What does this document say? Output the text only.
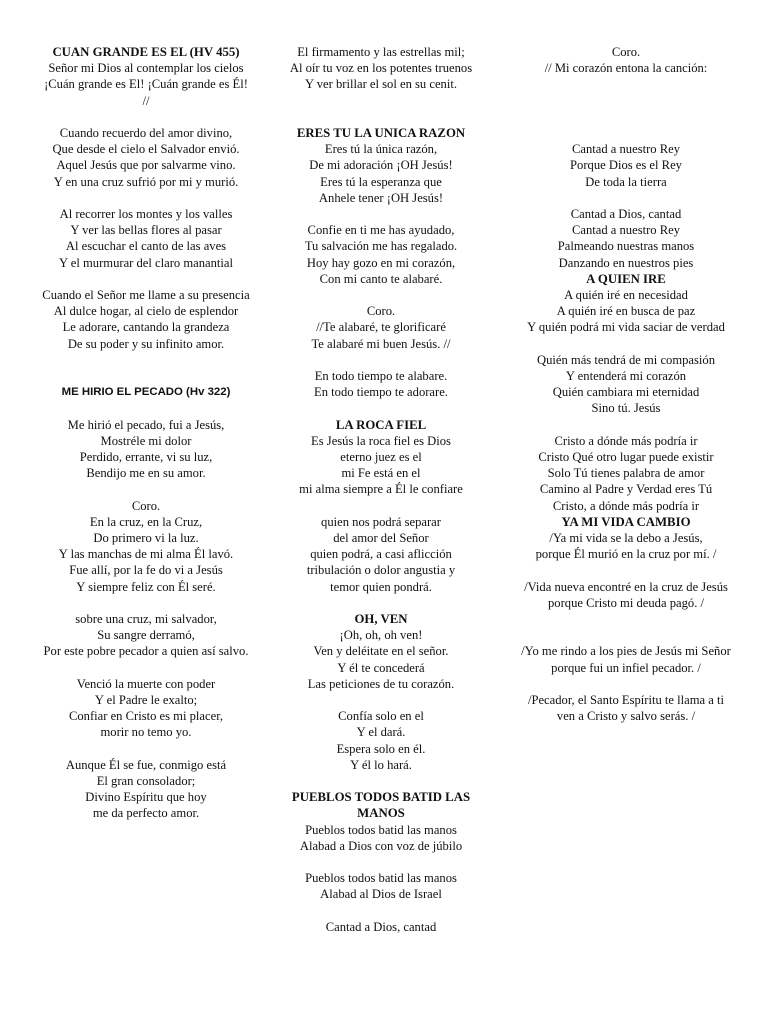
CUAN GRANDE ES EL (HV 455)
Señor mi Dios al contemplar los cielos
¡Cuán grande es El! ¡Cuán grande es Él! //
Cuando recuerdo del amor divino,
Que desde el cielo el Salvador envió.
Aquel Jesús que por salvarme vino.
Y en una cruz sufrió por mi y murió.
Al recorrer los montes y los valles
Y ver las bellas flores al pasar
Al escuchar el canto de las aves
Y el murmurar del claro manantial
Cuando el Señor me llame a su presencia
Al dulce hogar, al cielo de esplendor
Le adorare, cantando la grandeza
De su poder y su infinito amor.
ME HIRIO EL PECADO (Hv 322)
Me hirió el pecado, fui a Jesús,
Mostréle mi dolor
Perdido, errante, vi su luz,
Bendijo me en su amor.
Coro.
En la cruz, en la Cruz,
Do primero vi la luz.
Y las manchas de mi alma Él lavó.
Fue allí, por la fe do vi a Jesús
Y siempre feliz con Él seré.
sobre una cruz, mi salvador,
Su sangre derramó,
Por este pobre pecador a quien así salvo.
Venció la muerte con poder
Y el Padre le exalto;
Confiar en Cristo es mi placer,
morir no temo yo.
Aunque Él se fue, conmigo está
El gran consolador;
Divino Espíritu que hoy
me da perfecto amor.
El firmamento y las estrellas mil;
Al oír tu voz en los potentes truenos
Y ver brillar el sol en su cenit.
ERES TU LA UNICA RAZON
Eres tú la única razón,
De mi adoración ¡OH Jesús!
Eres tú la esperanza que
Anhele tener ¡OH Jesús!
Confie en ti me has ayudado,
Tu salvación me has regalado.
Hoy hay gozo en mi corazón,
Con mi canto te alabaré.
Coro.
//Te alabaré, te glorificaré
Te alabaré mi buen Jesús. //
En todo tiempo te alabare.
En todo tiempo te adorare.
LA ROCA FIEL
Es Jesús la roca fiel es Dios
eterno juez es el
mi Fe está en el
mi alma siempre a Él le confiare
quien nos podrá separar
del amor del Señor
quien podrá, a casi aflicción
tribulación o dolor angustia y
temor quien pondrá.
OH, VEN
¡Oh, oh, oh ven!
Ven y deléitate en el señor.
Y él te concederá
Las peticiones de tu corazón.
Confía solo en el
Y el dará.
Espera solo en él.
Y él lo hará.
PUEBLOS TODOS BATID LAS MANOS
Pueblos todos batid las manos
Alabad a Dios con voz de júbilo
Pueblos todos batid las manos
Alabad al Dios de Israel
Cantad a Dios, cantad
Coro.
// Mi corazón entona la canción:
Cantad a nuestro Rey
Porque Dios es el Rey
De toda la tierra
Cantad a Dios, cantad
Cantad a nuestro Rey
Palmeando nuestras manos
Danzando en nuestros pies
A QUIEN IRE
A quién iré en necesidad
A quién iré en busca de paz
Y quién podrá mi vida saciar de verdad
Quién más tendrá de mi compasión
Y entenderá mi corazón
Quién cambiara mi eternidad
Sino tú. Jesús
Cristo a dónde más podría ir
Cristo Qué otro lugar puede existir
Solo Tú tienes palabra de amor
Camino al Padre y Verdad eres Tú
Cristo, a dónde más podría ir
YA MI VIDA CAMBIO
/Ya mi vida se la debo a Jesús,
porque Él murió en la cruz por mí. /
/Vida nueva encontré en la cruz de Jesús
porque Cristo mi deuda pagó. /
/Yo me rindo a los pies de Jesús mi Señor
porque fui un infiel pecador. /
/Pecador, el Santo Espíritu te llama a ti
ven a Cristo y salvo serás. /
